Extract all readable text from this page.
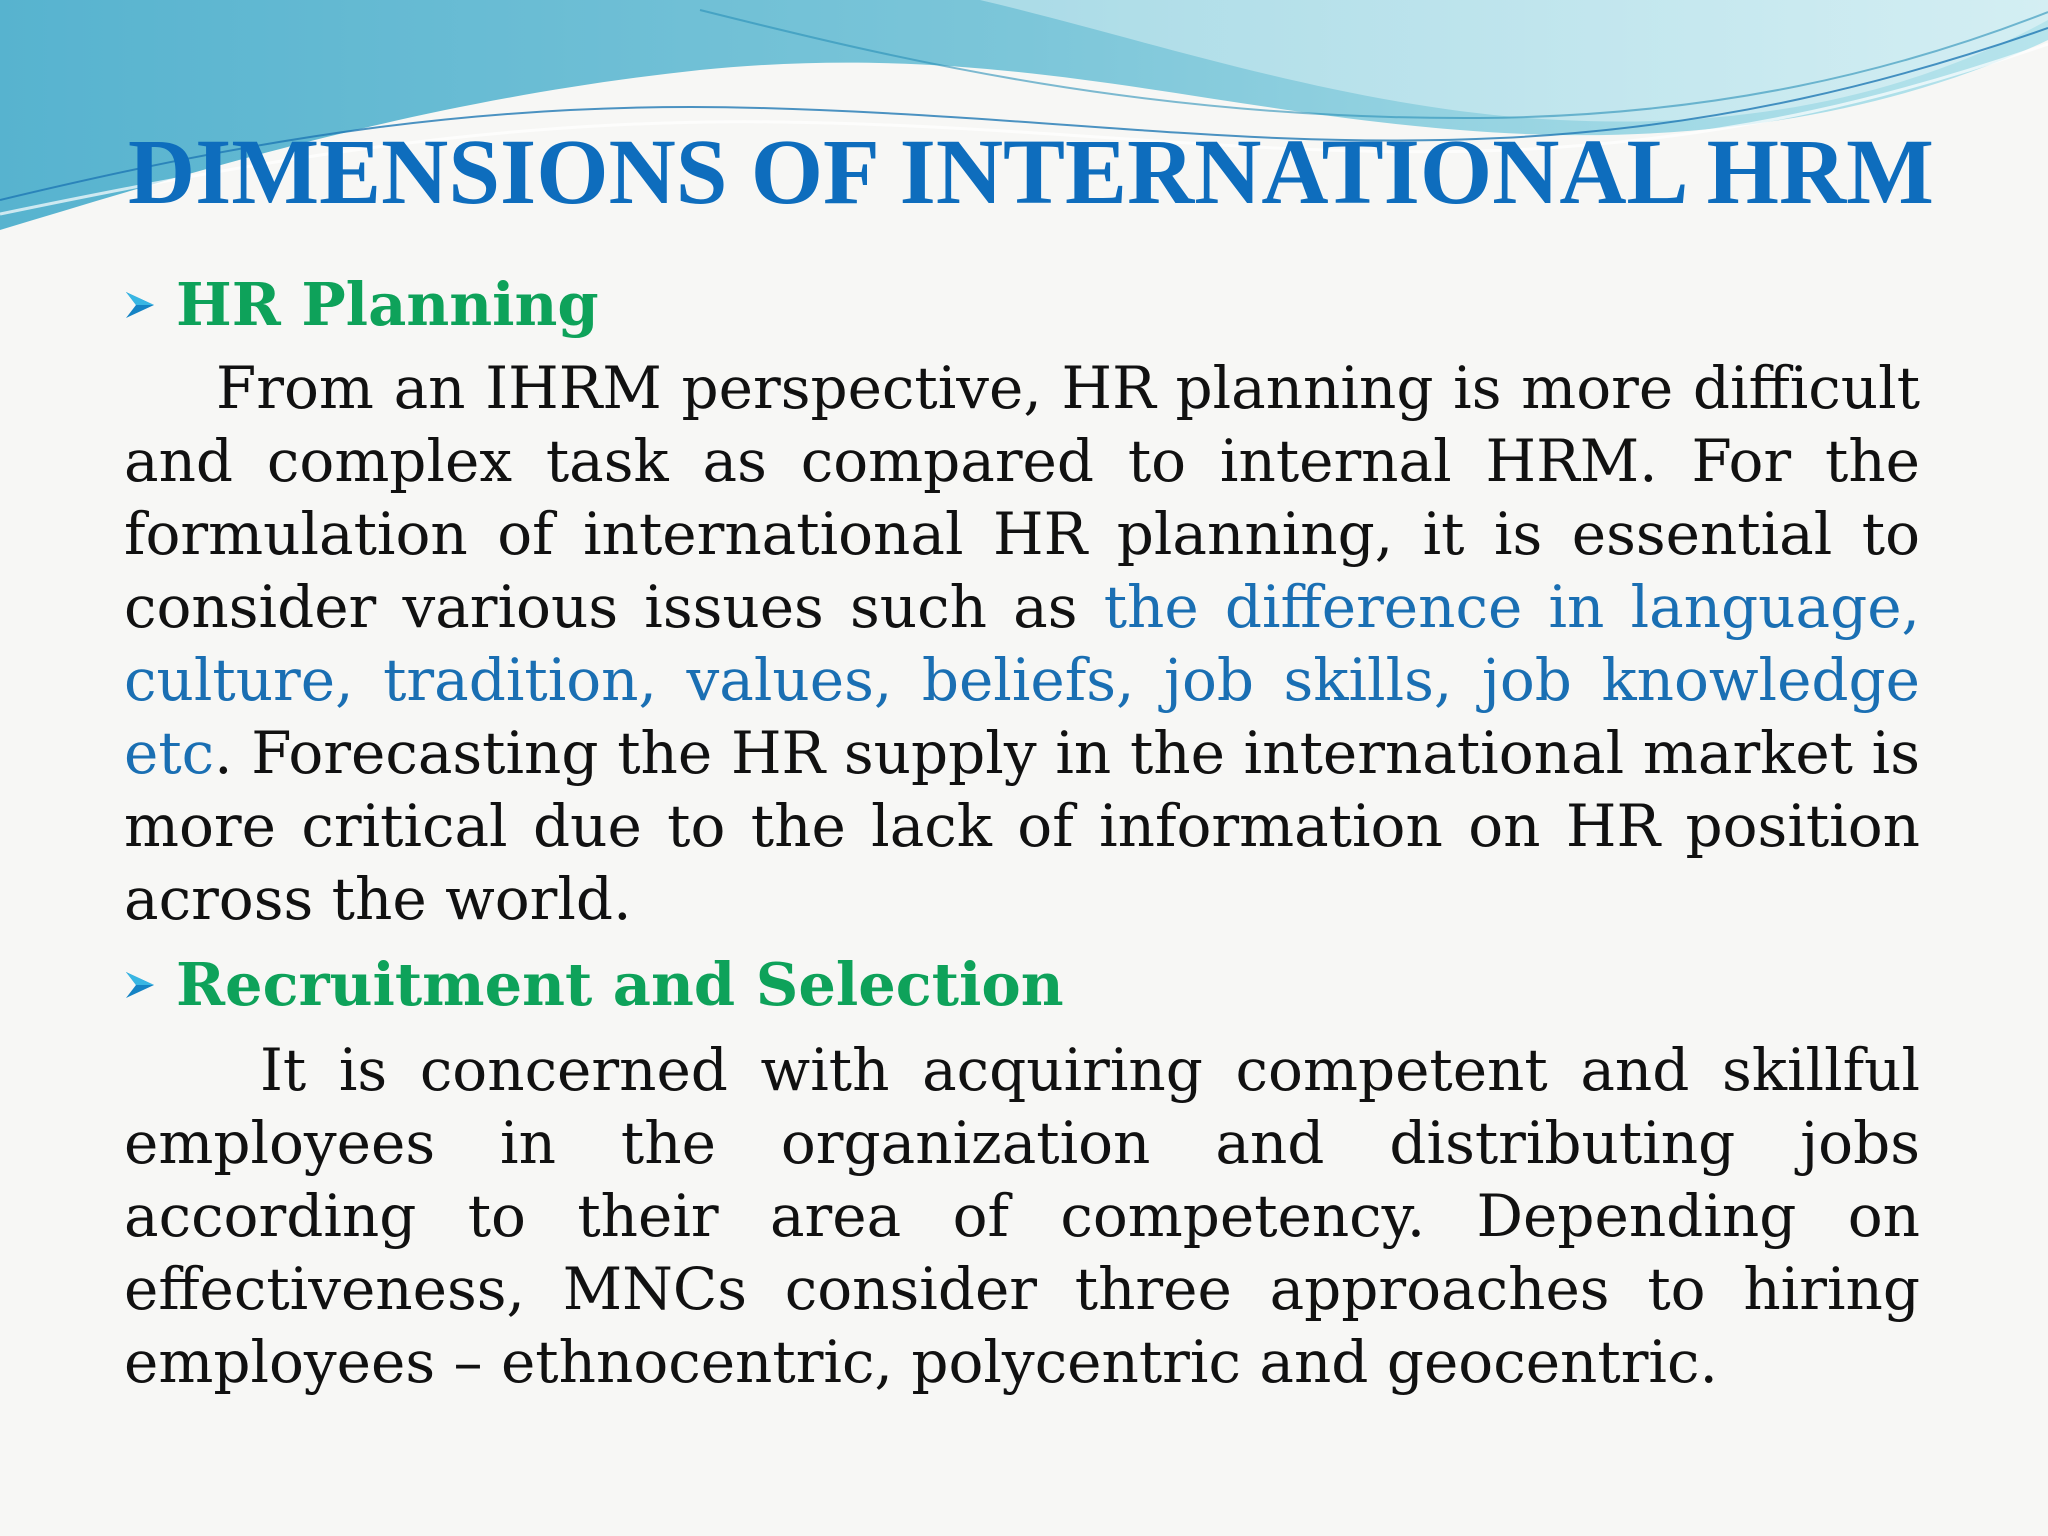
DIMENSIONS OF INTERNATIONAL HRM
HR Planning

From an IHRM perspective, HR planning is more difficult and complex task as compared to internal HRM. For the formulation of international HR planning, it is essential to consider various issues such as the difference in language, culture, tradition, values, beliefs, job skills, job knowledge etc. Forecasting the HR supply in the international market is more critical due to the lack of information on HR position across the world.

Recruitment and Selection

It is concerned with acquiring competent and skillful employees in the organization and distributing jobs according to their area of competency. Depending on effectiveness, MNCs consider three approaches to hiring employees – ethnocentric, polycentric and geocentric.
